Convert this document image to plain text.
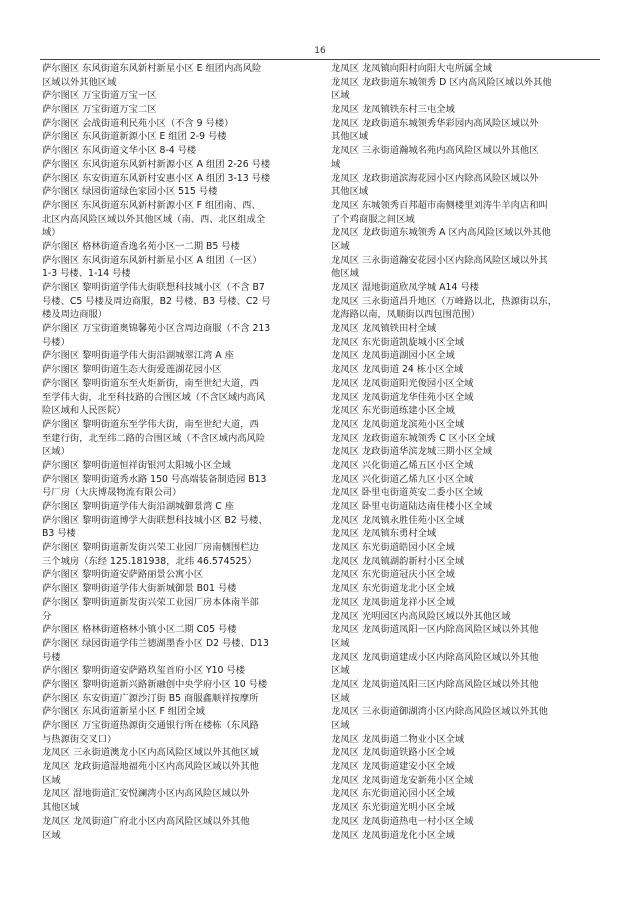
16
萨尔图区 东风街道东风新村新星小区 E 组团内高风险
区域以外其他区域
萨尔图区 万宝街道万宝一区
萨尔图区 万宝街道万宝二区
萨尔图区 会战街道利民苑小区（不含 9 号楼）
萨尔图区 东风街道新源小区 E 组团 2-9 号楼
萨尔图区 东风街道文华小区 8-4 号楼
萨尔图区 东风街道东风新村新源小区 A 组团 2-26 号楼
萨尔图区 东安街道东风新村安惠小区 A 组团 3-13 号楼
萨尔图区 绿园街道绿色家园小区 515 号楼
萨尔图区 东风街道东风新村新源小区 F 组团南、西、
北区内高风险区域以外其他区域（南、西、北区组成全
域）
萨尔图区 格林街道香逸名苑小区一二期 B5 号楼
萨尔图区 东风街道东风新村新星小区 A 组团（一区）
1-3 号楼、1-14 号楼
萨尔图区 黎明街道学伟大街联想科技城小区（不含 B7
号楼、C5 号楼及周边商服，B2 号楼、B3 号楼、C2 号
楼及周边商服）
萨尔图区 万宝街道奥锦馨苑小区含周边商服（不含 213
号楼）
萨尔图区 黎明街道学伟大街沿湖城翠江湾 A 座
萨尔图区 黎明街道生态大街爱莲湖花园小区
萨尔图区 黎明街道东至火炬新街，南至世纪大道，西
至学伟大街，北至科技路的合围区域（不含区域内高风
险区域和人民医院）
萨尔图区 黎明街道东至学伟大街，南至世纪大道，西
至建行街，北至纬二路的合围区域（不含区域内高风险
区域）
萨尔图区 黎明街道恒祥街银河太阳城小区全域
萨尔图区 黎明街道秀水路 150 号高端装备制造园 B13
号厂房（大庆博晟物流有限公司）
萨尔图区 黎明街道学伟大街沿湖城御景湾 C 座
萨尔图区 黎明街道博学大街联想科技城小区 B2 号楼、
B3 号楼
萨尔图区 黎明街道新发街兴荣工业园厂房南侧围栏边
三个城房（东经 125.181938，北纬 46.574525）
萨尔图区 黎明街道安萨路丽景公寓小区
萨尔图区 黎明街道学伟大街新城御景 B01 号楼
萨尔图区 黎明街道新发街兴荣工业园厂房本体南半部
分
萨尔图区 格林街道格林小镇小区二期 C05 号楼
萨尔图区 绿园街道学伟兰德湖墨香小区 D2 号楼、D13
号楼
萨尔图区 黎明街道安萨路玖玺首府小区 Y10 号楼
萨尔图区 黎明街道新兴路新融创中央学府小区 10 号楼
萨尔图区 东安街道广源沙汀街 B5 商服鑫顺祥按摩所
萨尔图区 东风街道新星小区 F 组团全域
萨尔图区 万宝街道热源街交通银行所在楼栋（东风路
与热源街交叉口）
龙凤区 三永街道澳龙小区内高风险区域以外其他区域
龙凤区 龙政街道湿地福苑小区内高风险区域以外其他
区域
龙凤区 湿地街道汇安悦澜湾小区内高风险区域以外
其他区域
龙凤区 龙凤街道广府北小区内高风险区域以外其他
区域
龙凤区 龙凤镇向阳村向阳大屯所属全域
龙凤区 龙政街道东城领秀 D 区内高风险区域以外其他
区域
龙凤区 龙凤镇铁东村三屯全域
龙凤区 龙政街道东城领秀华彩园内高风险区域以外
其他区域
龙凤区 三永街道瀚城名苑内高风险区域以外其他区
域
龙凤区 龙政街道滨海花园小区内除高风险区域以外
其他区域
龙凤区 东城领秀百邦超市南侧楼里刘涛牛羊肉店和叫
了个鸡商服之间区域
龙凤区 龙政街道东城领秀 A 区内高风险区域以外其他
区域
龙凤区 三永街道瀚安花园小区内除高风险区域以外其
他区域
龙凤区 湿地街道欣凤学城 A14 号楼
龙凤区 三永街道昌升地区（万峰路以北，热源街以东，
龙海路以南，凤顺街以西包围范围）
龙凤区 龙凤镇铁田村全域
龙凤区 东光街道凯旋城小区全域
龙凤区 龙凤街道湖园小区全域
龙凤区 龙凤街道 24 栋小区全域
龙凤区 龙凤街道阳光俊园小区全域
龙凤区 龙凤街道龙华佳苑小区全域
龙凤区 东光街道练建小区全域
龙凤区 龙凤街道龙滨苑小区全域
龙凤区 龙政街道东城领秀 C 区小区全域
龙凤区 龙政街道华滨龙城三期小区全域
龙凤区 兴化街道乙烯五区小区全域
龙凤区 兴化街道乙烯九区小区全域
龙凤区 卧里屯街道英安二委小区全域
龙凤区 卧里屯街道陆达南佳楼小区全域
龙凤区 龙凤镇永胜佳苑小区全域
龙凤区 龙凤镇东勇村全域
龙凤区 东光街道皓园小区全域
龙凤区 龙凤镇湖韵新村小区全域
龙凤区 东光街道冠庆小区全域
龙凤区 东光街道龙北小区全域
龙凤区 龙凤街道龙祥小区全域
龙凤区 光明园区内高风险区域以外其他区域
龙凤区 龙凤街道凤阳一区内除高风险区域以外其他
区域
龙凤区 龙凤街道建成小区内除高风险区域以外其他
区域
龙凤区 龙凤街道凤阳三区内除高风险区域以外其他
区域
龙凤区 三永街道御湖湾小区内除高风险区域以外其他
区域
龙凤区 龙凤街道二物业小区全域
龙凤区 龙凤街道铁路小区全域
龙凤区 龙凤街道建安小区全域
龙凤区 龙凤街道龙安新苑小区全域
龙凤区 东光街道沁园小区全域
龙凤区 东光街道光明小区全域
龙凤区 龙凤街道热电一村小区全域
龙凤区 龙凤街道龙化小区全域
